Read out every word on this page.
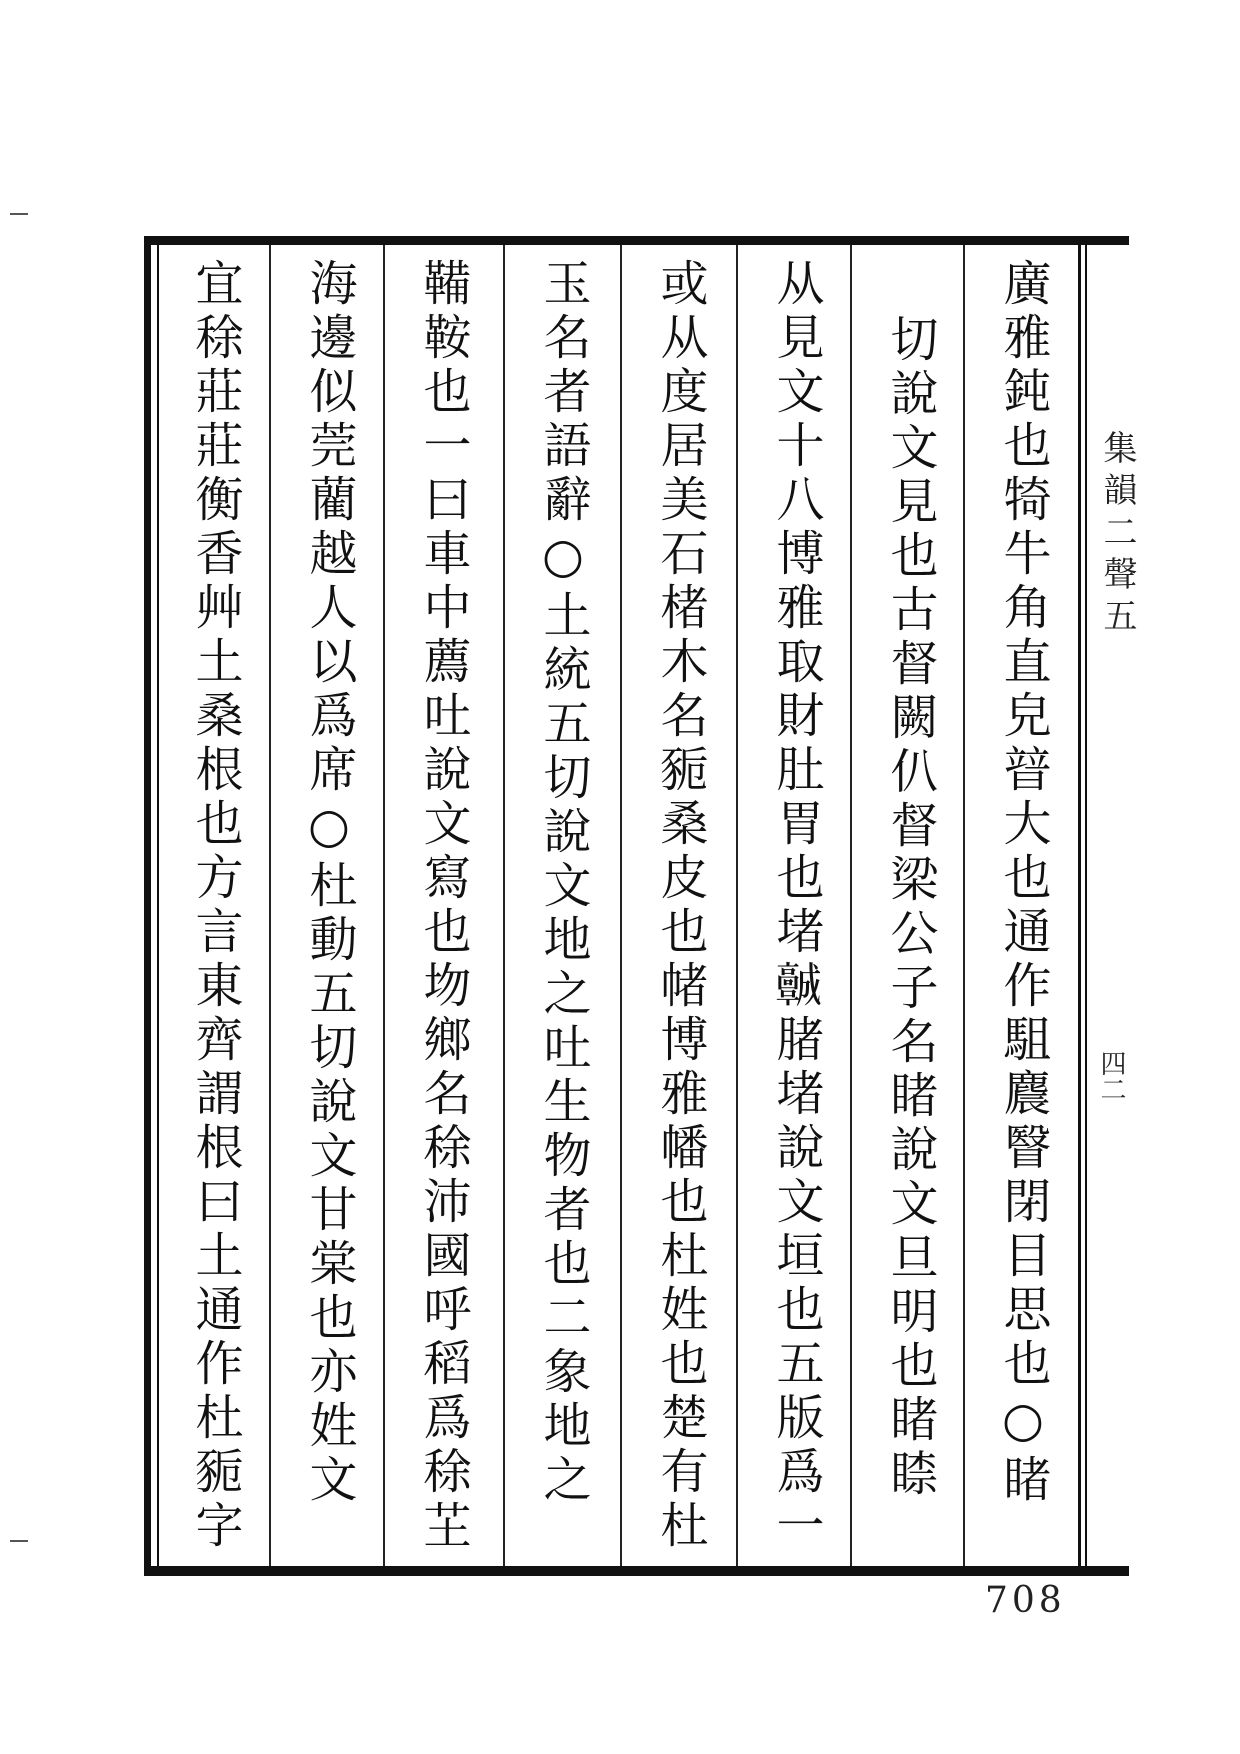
廣雅鈍也犄牛角直皃暜大也通作駔麎瞖閉目思也○睹
切說文見也古督闕仈督梁公子名睹說文旦明也睹𥈡
从見文十八博雅取財肚胃也堵𩫨䐗堵說文垣也五版爲一
或从度居美石楮木名䝈桑皮也帾博雅幡也杜姓也楚有杜
玉名者語辭○土統五切說文地之吐生物者也二象地之
鞴鞍也一曰車中薦吐說文寫也圽鄉名稌沛國呼稻爲稌芏
海邊似莞藺越人以爲席○杜動五切說文甘棠也亦姓文
宜稌莊莊衡香艸土桑根也方言東齊謂根曰土通作杜䝈字
集韻二聲五
四二
708
